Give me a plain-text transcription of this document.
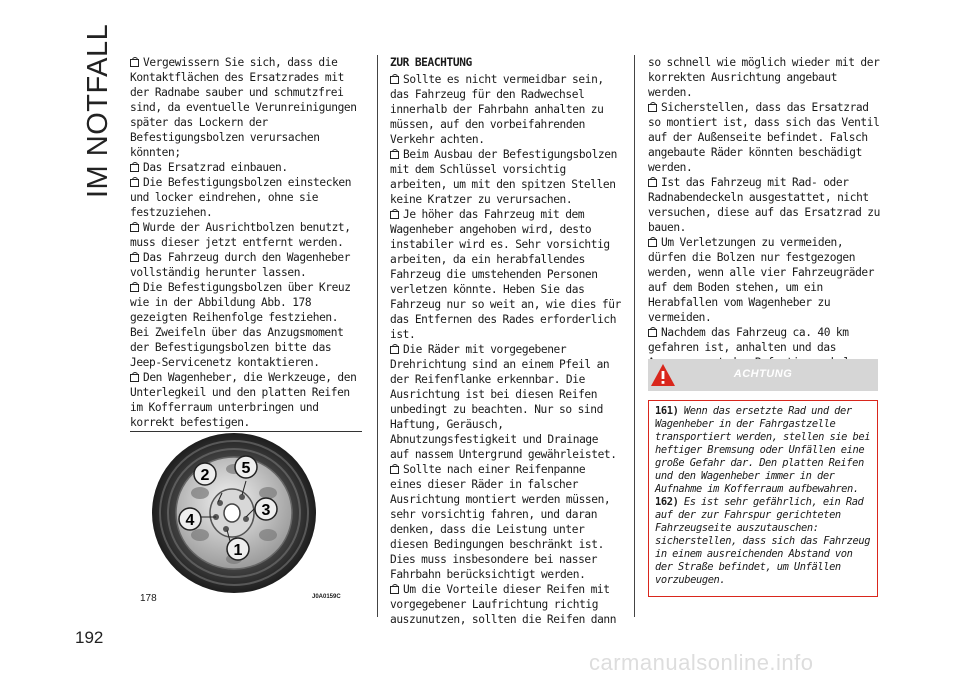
IM NOTFALL
192

Vergewissern Sie sich, dass die Kontaktflächen des Ersatzrades mit der Radnabe sauber und schmutzfrei sind, da eventuelle Verunreinigungen später das Lockern der Befestigungsbolzen verursachen könnten;

Das Ersatzrad einbauen.

Die Befestigungsbolzen einstecken und locker eindrehen, ohne sie festzuziehen.

Wurde der Ausrichtbolzen benutzt, muss dieser jetzt entfernt werden.

Das Fahrzeug durch den Wagenheber vollständig herunter lassen.

Die Befestigungsbolzen über Kreuz wie in der Abbildung Abb. 178 gezeigten Reihenfolge festziehen. Bei Zweifeln über das Anzugsmoment der Befestigungsbolzen bitte das Jeep-Servicenetz kontaktieren.

Den Wagenheber, die Werkzeuge, den Unterlegkeil und den platten Reifen im Kofferraum unterbringen und korrekt befestigen.

2 5
3
4
1
178	J0A0159C

ZUR BEACHTUNG

Sollte es nicht vermeidbar sein, das Fahrzeug für den Radwechsel innerhalb der Fahrbahn anhalten zu müssen, auf den vorbeifahrenden Verkehr achten.

Beim Ausbau der Befestigungsbolzen mit dem Schlüssel vorsichtig arbeiten, um mit den spitzen Stellen keine Kratzer zu verursachen.

Je höher das Fahrzeug mit dem Wagenheber angehoben wird, desto instabiler wird es. Sehr vorsichtig arbeiten, da ein herabfallendes Fahrzeug die umstehenden Personen verletzen könnte. Heben Sie das Fahrzeug nur so weit an, wie dies für das Entfernen des Rades erforderlich ist.

Die Räder mit vorgegebener Drehrichtung sind an einem Pfeil an der Reifenflanke erkennbar. Die Ausrichtung ist bei diesen Reifen unbedingt zu beachten. Nur so sind Haftung, Geräusch, Abnutzungsfestigkeit und Drainage auf nassem Untergrund gewährleistet.

Sollte nach einer Reifenpanne eines dieser Räder in falscher Ausrichtung montiert werden müssen, sehr vorsichtig fahren, und daran denken, dass die Leistung unter diesen Bedingungen beschränkt ist. Dies muss insbesondere bei nasser Fahrbahn berücksichtigt werden.

Um die Vorteile dieser Reifen mit vorgegebener Laufrichtung richtig auszunutzen, sollten die Reifen dann

so schnell wie möglich wieder mit der korrekten Ausrichtung angebaut werden.

Sicherstellen, dass das Ersatzrad so montiert ist, dass sich das Ventil auf der Außenseite befindet. Falsch angebaute Räder könnten beschädigt werden.

Ist das Fahrzeug mit Rad- oder Radnabendeckeln ausgestattet, nicht versuchen, diese auf das Ersatzrad zu bauen.

Um Verletzungen zu vermeiden, dürfen die Bolzen nur festgezogen werden, wenn alle vier Fahrzeugräder auf dem Boden stehen, um ein Herabfallen vom Wagenheber zu vermeiden.

Nachdem das Fahrzeug ca. 40 km gefahren ist, anhalten und das

ACHTUNG

161) Wenn das ersetzte Rad und der Wagenheber in der Fahrgastzelle transportiert werden, stellen sie bei heftiger Bremsung oder Unfällen eine große Gefahr dar. Den platten Reifen und den Wagenheber immer in der Aufnahme im Kofferraum aufbewahren.

162) Es ist sehr gefährlich, ein Rad auf der zur Fahrspur gerichteten Fahrzeugseite auszutauschen: sicherstellen, dass sich das Fahrzeug in einem ausreichenden Abstand von der Straße befindet, um Unfällen vorzubeugen.

carmanualsonline.info
